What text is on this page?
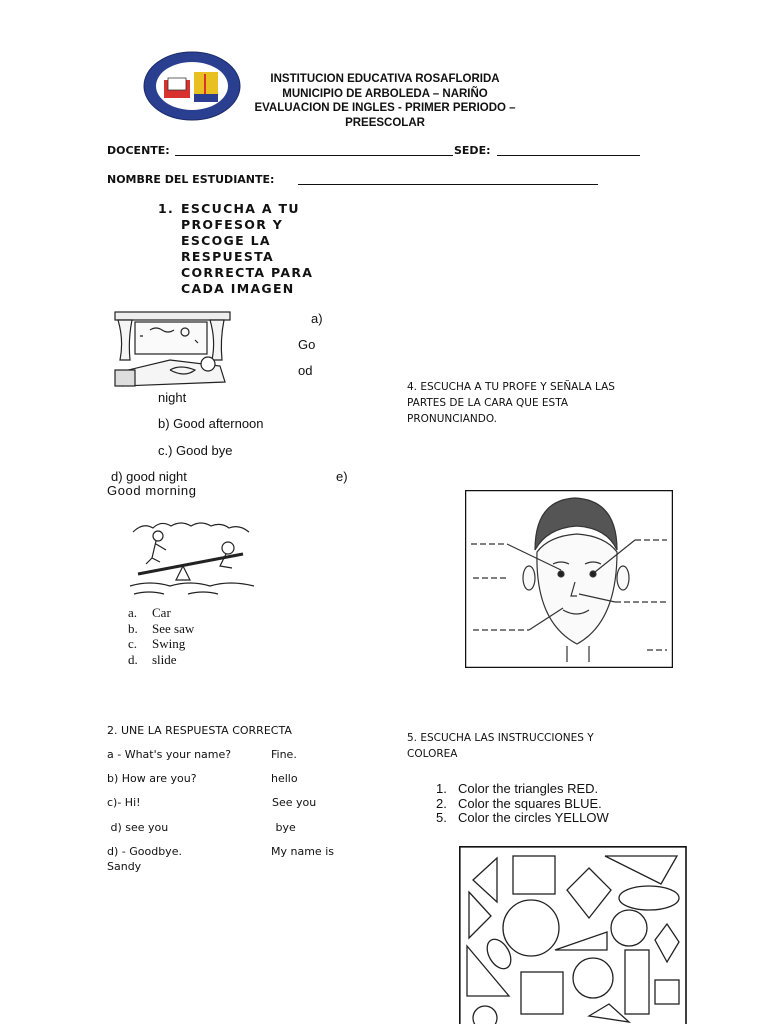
INSTITUCION EDUCATIVA ROSAFLORIDA
MUNICIPIO DE ARBOLEDA – NARIÑO
EVALUACION DE INGLES - PRIMER PERIODO –
PREESCOLAR
DOCENTE:	SEDE:
NOMBRE DEL ESTUDIANTE:
1. ESCUCHA A TU
PROFESOR Y
ESCOGE LA
RESPUESTA
CORRECTA PARA
CADA IMAGEN
a)
Go
od
night
b) Good afternoon
c.) Good bye
d) good night	e)
Good morning
a. Car
b. See saw
c. Swing
d. slide
4. ESCUCHA A TU PROFE Y SEÑALA LAS
PARTES DE LA CARA QUE ESTA
PRONUNCIANDO.
2. UNE LA RESPUESTA CORRECTA
a - What's your name?	Fine.
b) How are you?	hello
c)- Hi!	See you
d) see you	bye
d) - Goodbye.	My name is
Sandy
5. ESCUCHA LAS INSTRUCCIONES Y
COLOREA
1. Color the triangles RED.
2. Color the squares BLUE.
5. Color the circles YELLOW
